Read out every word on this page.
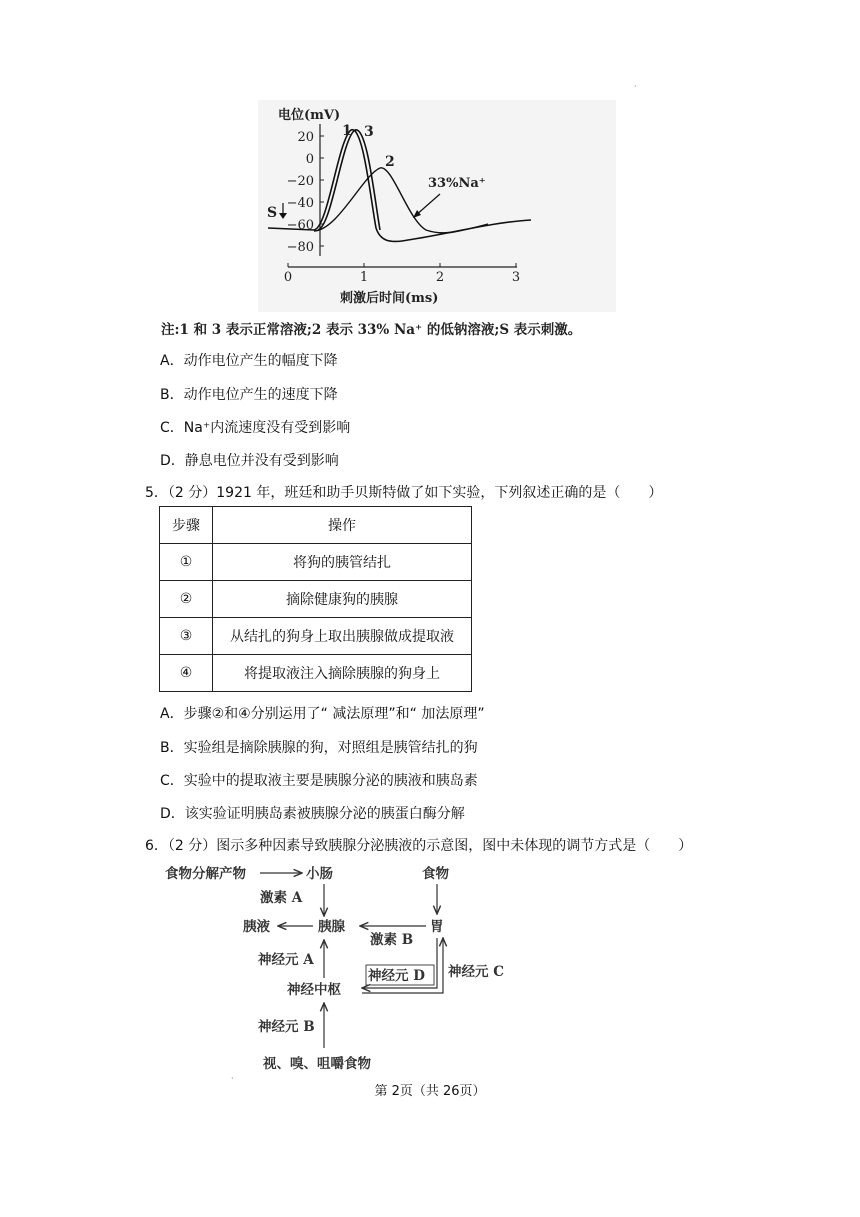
电位(mV)
20
0
−20
−40
−60
−80
0	1	2	3
刺激后时间(ms)
1 3
2
33%Na⁺
S
注:1 和 3 表示正常溶液;2 表示 33% Na⁺ 的低钠溶液;S 表示刺激。
A．动作电位产生的幅度下降
B．动作电位产生的速度下降
C．Na⁺内流速度没有受到影响
D．静息电位并没有受到影响
5．（2 分）1921 年，班廷和助手贝斯特做了如下实验，下列叙述正确的是（　　）
步骤	操作
①	将狗的胰管结扎
②	摘除健康狗的胰腺
③	从结扎的狗身上取出胰腺做成提取液
④	将提取液注入摘除胰腺的狗身上
A．步骤②和④分别运用了“ 减法原理”和“ 加法原理”
B．实验组是摘除胰腺的狗，对照组是胰管结扎的狗
C．实验中的提取液主要是胰腺分泌的胰液和胰岛素
D．该实验证明胰岛素被胰腺分泌的胰蛋白酶分解
6．（2 分）图示多种因素导致胰腺分泌胰液的示意图，图中未体现的调节方式是（　　）
食物分解产物	小肠	食物
激素 A
胰液	胰腺	胃
激素 B
神经元 A
神经元 D 神经元 C
神经中枢
神经元 B
视、嗅、咀嚼食物
第 2页（共 26页）
·
·
